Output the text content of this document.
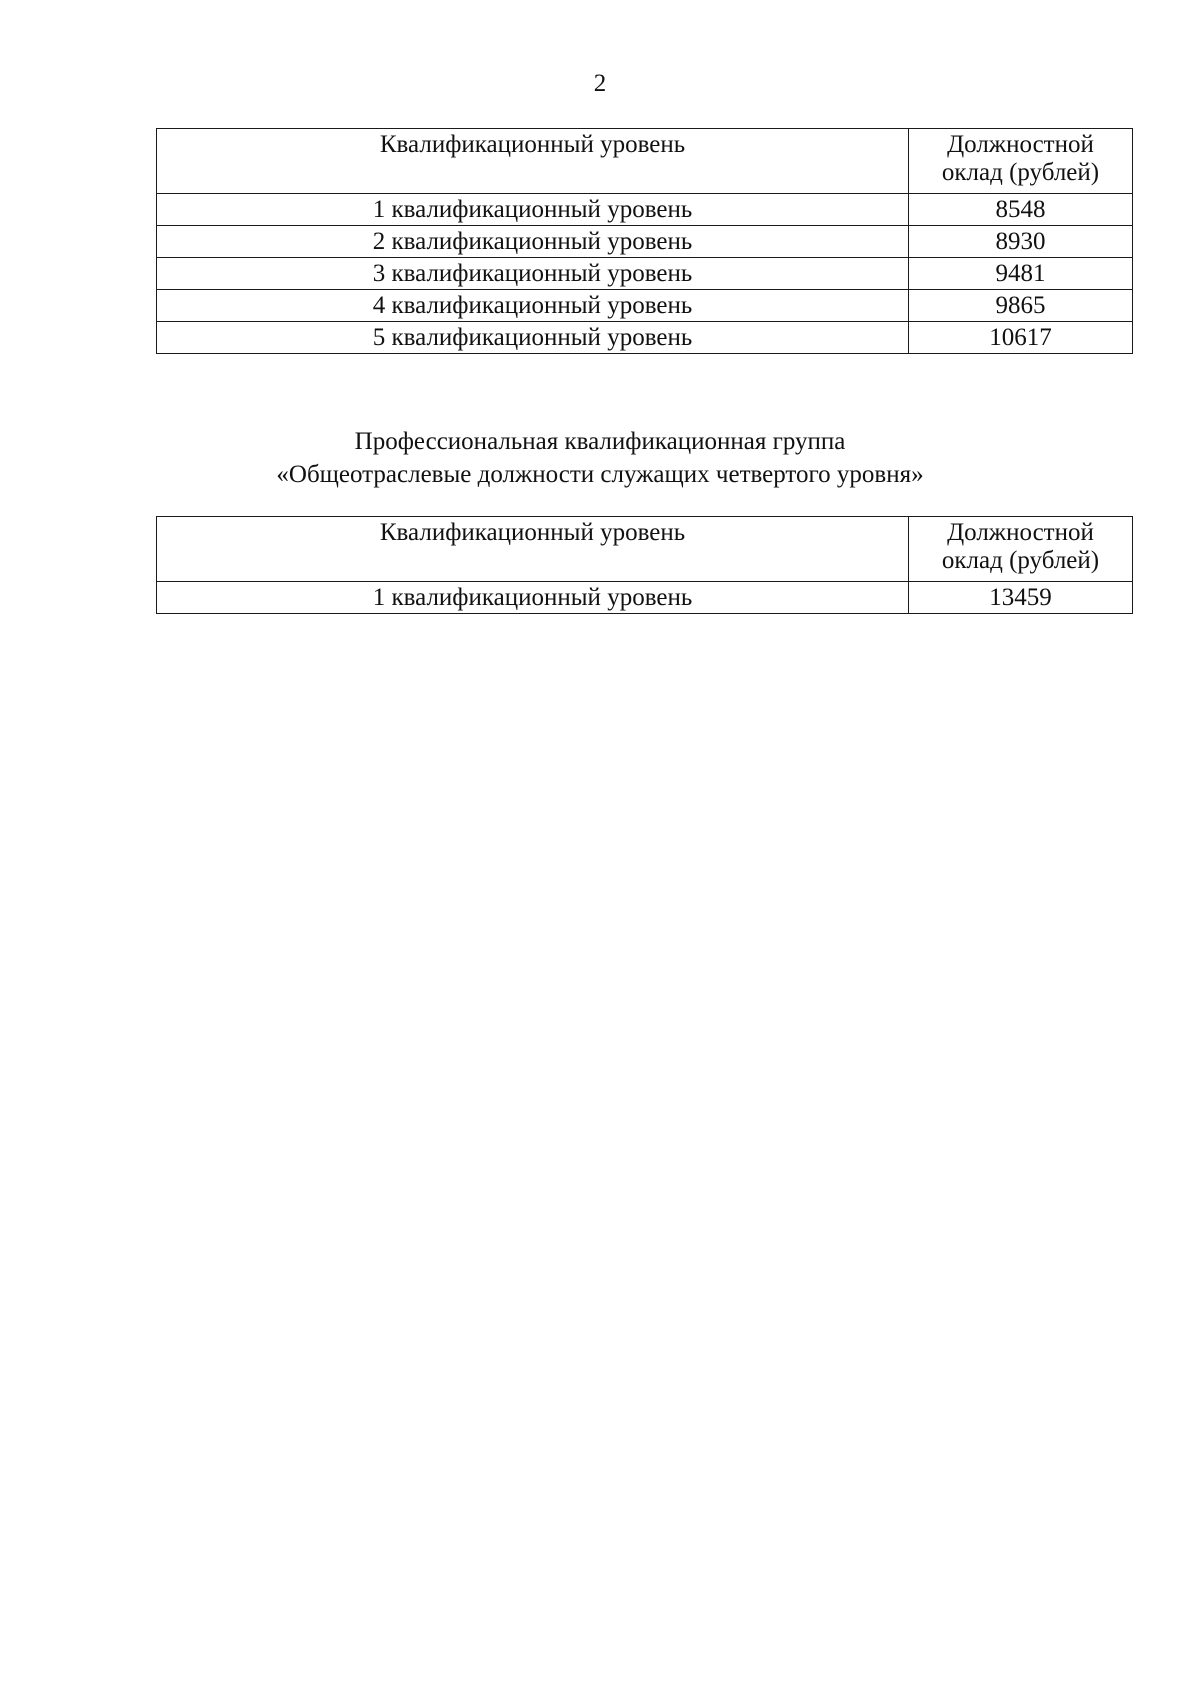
2
Квалификационный уровень	Должностной
оклад (рублей)

1 квалификационный уровень	8548
2 квалификационный уровень	8930
3 квалификационный уровень	9481
4 квалификационный уровень	9865
5 квалификационный уровень	10617
Профессиональная квалификационная группа
«Общеотраслевые должности служащих четвертого уровня»
Квалификационный уровень	Должностной
оклад (рублей)

1 квалификационный уровень	13459
